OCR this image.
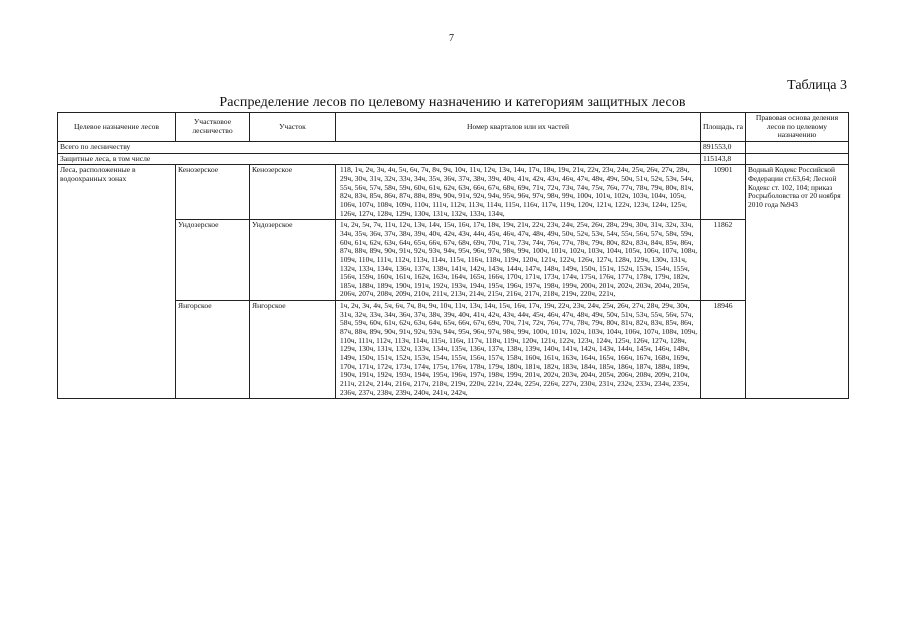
7
Таблица 3
Распределение лесов по целевому назначению и категориям защитных лесов
Целевое назначение лесов	Участковое лесничество	Участок	Номер кварталов или их частей	Площадь, га	Правовая основа деления лесов по целевому назначению
Всего по лесничеству				891553,0	
Защитные леса, в том числе				115143,8	
Леса, расположенные в водоохранных зонах	Кенозерское	Кенозерское	118, 1ч, 2ч, 3ч, 4ч, 5ч, 6ч, 7ч, 8ч, 9ч, 10ч, 11ч, 12ч, 13ч, 14ч, 17ч, 18ч, 19ч, 21ч, 22ч, 23ч, 24ч, 25ч, 26ч, 27ч, 28ч, 29ч, 30ч, 31ч, 32ч, 33ч, 34ч, 35ч, 36ч, 37ч, 38ч, 39ч, 40ч, 41ч, 42ч, 43ч, 46ч, 47ч, 48ч, 49ч, 50ч, 51ч, 52ч, 53ч, 54ч, 55ч, 56ч, 57ч, 58ч, 59ч, 60ч, 61ч, 62ч, 63ч, 66ч, 67ч, 68ч, 69ч, 71ч, 72ч, 73ч, 74ч, 75ч, 76ч, 77ч, 78ч, 79ч, 80ч, 81ч, 82ч, 83ч, 85ч, 86ч, 87ч, 88ч, 89ч, 90ч, 91ч, 92ч, 94ч, 95ч, 96ч, 97ч, 98ч, 99ч, 100ч, 101ч, 102ч, 103ч, 104ч, 105ч, 106ч, 107ч, 108ч, 109ч, 110ч, 111ч, 112ч, 113ч, 114ч, 115ч, 116ч, 117ч, 119ч, 120ч, 121ч, 122ч, 123ч, 124ч, 125ч, 126ч, 127ч, 128ч, 129ч, 130ч, 131ч, 132ч, 133ч, 134ч,	10901	Водный Кодекс Российской Федерации ст.63,64; Лесной Кодекс ст. 102, 104; приказ Росрыболовства от 20 ноября 2010 года №943
	Ундозерское	Ундозерское	1ч, 2ч, 5ч, 7ч, 11ч, 12ч, 13ч, 14ч, 15ч, 16ч, 17ч, 18ч, 19ч, 21ч, 22ч, 23ч, 24ч, 25ч, 26ч, 28ч, 29ч, 30ч, 31ч, 32ч, 33ч, 34ч, 35ч, 36ч, 37ч, 38ч, 39ч, 40ч, 42ч, 43ч, 44ч, 45ч, 46ч, 47ч, 48ч, 49ч, 50ч, 52ч, 53ч, 54ч, 55ч, 56ч, 57ч, 58ч, 59ч, 60ч, 61ч, 62ч, 63ч, 64ч, 65ч, 66ч, 67ч, 68ч, 69ч, 70ч, 71ч, 73ч, 74ч, 76ч, 77ч, 78ч, 79ч, 80ч, 82ч, 83ч, 84ч, 85ч, 86ч, 87ч, 88ч, 89ч, 90ч, 91ч, 92ч, 93ч, 94ч, 95ч, 96ч, 97ч, 98ч, 99ч, 100ч, 101ч, 102ч, 103ч, 104ч, 105ч, 106ч, 107ч, 108ч, 109ч, 110ч, 111ч, 112ч, 113ч, 114ч, 115ч, 116ч, 118ч, 119ч, 120ч, 121ч, 122ч, 126ч, 127ч, 128ч, 129ч, 130ч, 131ч, 132ч, 133ч, 134ч, 136ч, 137ч, 138ч, 141ч, 142ч, 143ч, 144ч, 147ч, 148ч, 149ч, 150ч, 151ч, 152ч, 153ч, 154ч, 155ч, 156ч, 159ч, 160ч, 161ч, 162ч, 163ч, 164ч, 165ч, 166ч, 170ч, 171ч, 173ч, 174ч, 175ч, 176ч, 177ч, 178ч, 179ч, 182ч, 185ч, 188ч, 189ч, 190ч, 191ч, 192ч, 193ч, 194ч, 195ч, 196ч, 197ч, 198ч, 199ч, 200ч, 201ч, 202ч, 203ч, 204ч, 205ч, 206ч, 207ч, 208ч, 209ч, 210ч, 211ч, 213ч, 214ч, 215ч, 216ч, 217ч, 218ч, 219ч, 220ч, 221ч,	11862	
	Янгорское	Янгорское	1ч, 2ч, 3ч, 4ч, 5ч, 6ч, 7ч, 8ч, 9ч, 10ч, 11ч, 13ч, 14ч, 15ч, 16ч, 17ч, 19ч, 22ч, 23ч, 24ч, 25ч, 26ч, 27ч, 28ч, 29ч, 30ч, 31ч, 32ч, 33ч, 34ч, 36ч, 37ч, 38ч, 39ч, 40ч, 41ч, 42ч, 43ч, 44ч, 45ч, 46ч, 47ч, 48ч, 49ч, 50ч, 51ч, 53ч, 55ч, 56ч, 57ч, 58ч, 59ч, 60ч, 61ч, 62ч, 63ч, 64ч, 65ч, 66ч, 67ч, 69ч, 70ч, 71ч, 72ч, 76ч, 77ч, 78ч, 79ч, 80ч, 81ч, 82ч, 83ч, 85ч, 86ч, 87ч, 88ч, 89ч, 90ч, 91ч, 92ч, 93ч, 94ч, 95ч, 96ч, 97ч, 98ч, 99ч, 100ч, 101ч, 102ч, 103ч, 104ч, 106ч, 107ч, 108ч, 109ч, 110ч, 111ч, 112ч, 113ч, 114ч, 115ч, 116ч, 117ч, 118ч, 119ч, 120ч, 121ч, 122ч, 123ч, 124ч, 125ч, 126ч, 127ч, 128ч, 129ч, 130ч, 131ч, 132ч, 133ч, 134ч, 135ч, 136ч, 137ч, 138ч, 139ч, 140ч, 141ч, 142ч, 143ч, 144ч, 145ч, 146ч, 148ч, 149ч, 150ч, 151ч, 152ч, 153ч, 154ч, 155ч, 156ч, 157ч, 158ч, 160ч, 161ч, 163ч, 164ч, 165ч, 166ч, 167ч, 168ч, 169ч, 170ч, 171ч, 172ч, 173ч, 174ч, 175ч, 176ч, 178ч, 179ч, 180ч, 181ч, 182ч, 183ч, 184ч, 185ч, 186ч, 187ч, 188ч, 189ч, 190ч, 191ч, 192ч, 193ч, 194ч, 195ч, 196ч, 197ч, 198ч, 199ч, 201ч, 202ч, 203ч, 204ч, 205ч, 206ч, 208ч, 209ч, 210ч, 211ч, 212ч, 214ч, 216ч, 217ч, 218ч, 219ч, 220ч, 221ч, 224ч, 225ч, 226ч, 227ч, 230ч, 231ч, 232ч, 233ч, 234ч, 235ч, 236ч, 237ч, 238ч, 239ч, 240ч, 241ч, 242ч,	18946	
